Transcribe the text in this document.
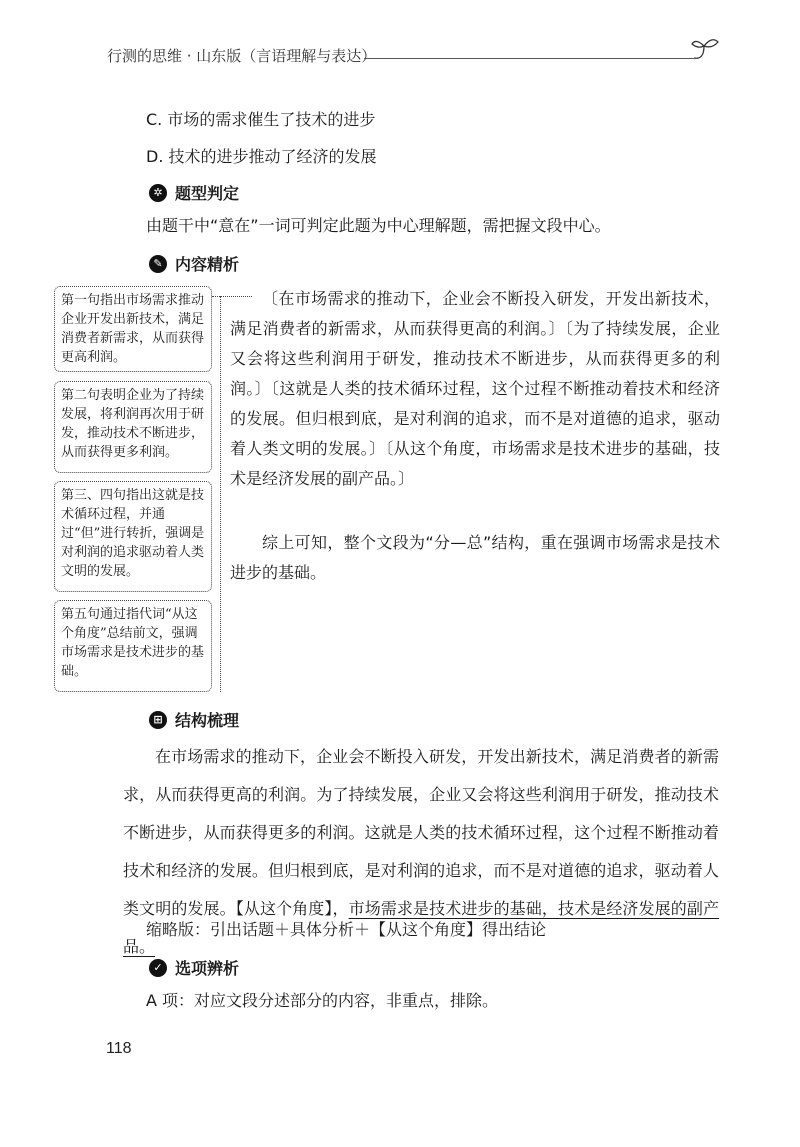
行测的思维 · 山东版（言语理解与表达）
C. 市场的需求催生了技术的进步
D. 技术的进步推动了经济的发展
✲ 题型判定
由题干中“意在”一词可判定此题为中心理解题，需把握文段中心。
✎ 内容精析
第一句指出市场需求推动企业开发出新技术，满足消费者新需求，从而获得更高利润。
第二句表明企业为了持续发展，将利润再次用于研发，推动技术不断进步，从而获得更多利润。
第三、四句指出这就是技术循环过程，并通过“但”进行转折，强调是对利润的追求驱动着人类文明的发展。
第五句通过指代词“从这个角度”总结前文，强调市场需求是技术进步的基础。
〔在市场需求的推动下，企业会不断投入研发，开发出新技术，满足消费者的新需求，从而获得更高的利润。〕〔为了持续发展，企业又会将这些利润用于研发，推动技术不断进步，从而获得更多的利润。〕〔这就是人类的技术循环过程，这个过程不断推动着技术和经济的发展。但归根到底，是对利润的追求，而不是对道德的追求，驱动着人类文明的发展。〕〔从这个角度，市场需求是技术进步的基础，技术是经济发展的副产品。〕
综上可知，整个文段为“分—总”结构，重在强调市场需求是技术进步的基础。
⊞ 结构梳理
在市场需求的推动下，企业会不断投入研发，开发出新技术，满足消费者的新需求，从而获得更高的利润。为了持续发展，企业又会将这些利润用于研发，推动技术不断进步，从而获得更多的利润。这就是人类的技术循环过程，这个过程不断推动着技术和经济的发展。但归根到底，是对利润的追求，而不是对道德的追求，驱动着人类文明的发展。【从这个角度】，市场需求是技术进步的基础，技术是经济发展的副产品。
缩略版：引出话题＋具体分析＋【从这个角度】得出结论
✓ 选项辨析
A 项：对应文段分述部分的内容，非重点，排除。
118
